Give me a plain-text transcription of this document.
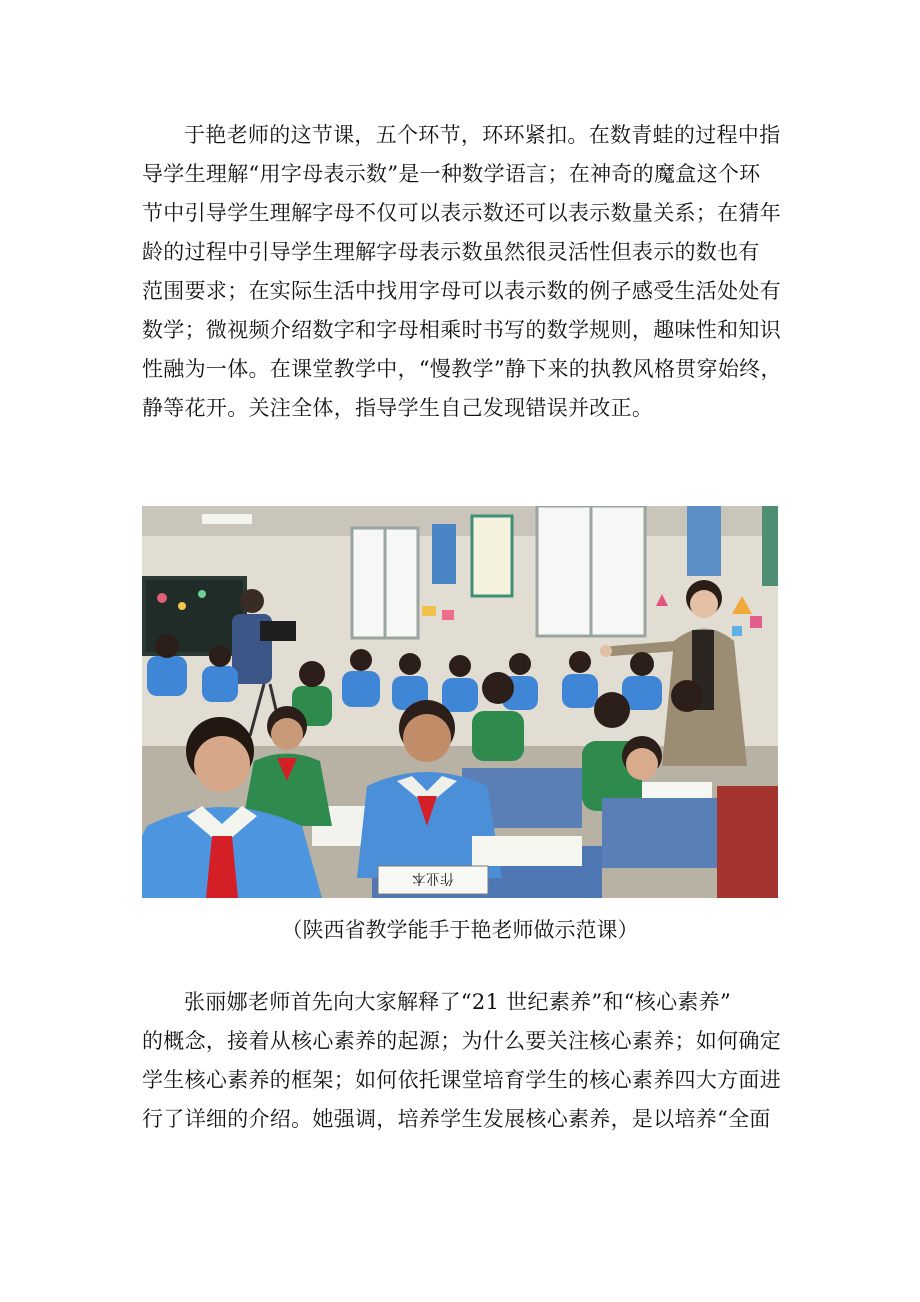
于艳老师的这节课，五个环节，环环紧扣。在数青蛙的过程中指
导学生理解“用字母表示数”是一种数学语言；在神奇的魔盒这个环
节中引导学生理解字母不仅可以表示数还可以表示数量关系；在猜年
龄的过程中引导学生理解字母表示数虽然很灵活性但表示的数也有
范围要求；在实际生活中找用字母可以表示数的例子感受生活处处有
数学；微视频介绍数字和字母相乘时书写的数学规则，趣味性和知识
性融为一体。在课堂教学中，“慢教学”静下来的执教风格贯穿始终，
静等花开。关注全体，指导学生自己发现错误并改正。

作业本

（陕西省教学能手于艳老师做示范课）

张丽娜老师首先向大家解释了“21 世纪素养”和“核心素养”
的概念，接着从核心素养的起源；为什么要关注核心素养；如何确定
学生核心素养的框架；如何依托课堂培育学生的核心素养四大方面进
行了详细的介绍。她强调，培养学生发展核心素养，是以培养“全面
